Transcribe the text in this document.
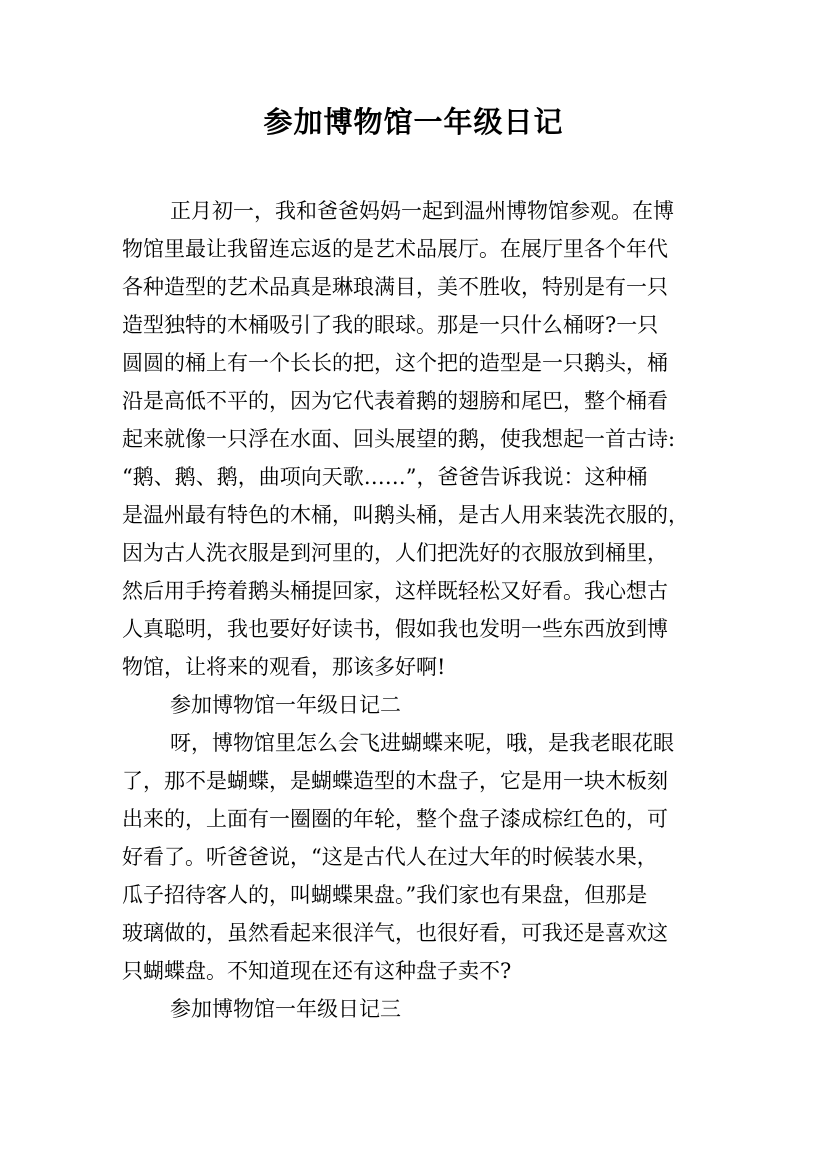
参加博物馆一年级日记
正月初一，我和爸爸妈妈一起到温州博物馆参观。在博
物馆里最让我留连忘返的是艺术品展厅。在展厅里各个年代
各种造型的艺术品真是琳琅满目，美不胜收，特别是有一只
造型独特的木桶吸引了我的眼球。那是一只什么桶呀?一只
圆圆的桶上有一个长长的把，这个把的造型是一只鹅头，桶
沿是高低不平的，因为它代表着鹅的翅膀和尾巴，整个桶看
起来就像一只浮在水面、回头展望的鹅，使我想起一首古诗:
“鹅、鹅、鹅，曲项向天歌……”，爸爸告诉我说：这种桶
是温州最有特色的木桶，叫鹅头桶，是古人用来装洗衣服的，
因为古人洗衣服是到河里的，人们把洗好的衣服放到桶里，
然后用手挎着鹅头桶提回家，这样既轻松又好看。我心想古
人真聪明，我也要好好读书，假如我也发明一些东西放到博
物馆，让将来的观看，那该多好啊!
参加博物馆一年级日记二
呀，博物馆里怎么会飞进蝴蝶来呢，哦，是我老眼花眼
了，那不是蝴蝶，是蝴蝶造型的木盘子，它是用一块木板刻
出来的，上面有一圈圈的年轮，整个盘子漆成棕红色的，可
好看了。听爸爸说，“这是古代人在过大年的时候装水果，
瓜子招待客人的，叫蝴蝶果盘。”我们家也有果盘，但那是
玻璃做的，虽然看起来很洋气，也很好看，可我还是喜欢这
只蝴蝶盘。不知道现在还有这种盘子卖不?
参加博物馆一年级日记三
